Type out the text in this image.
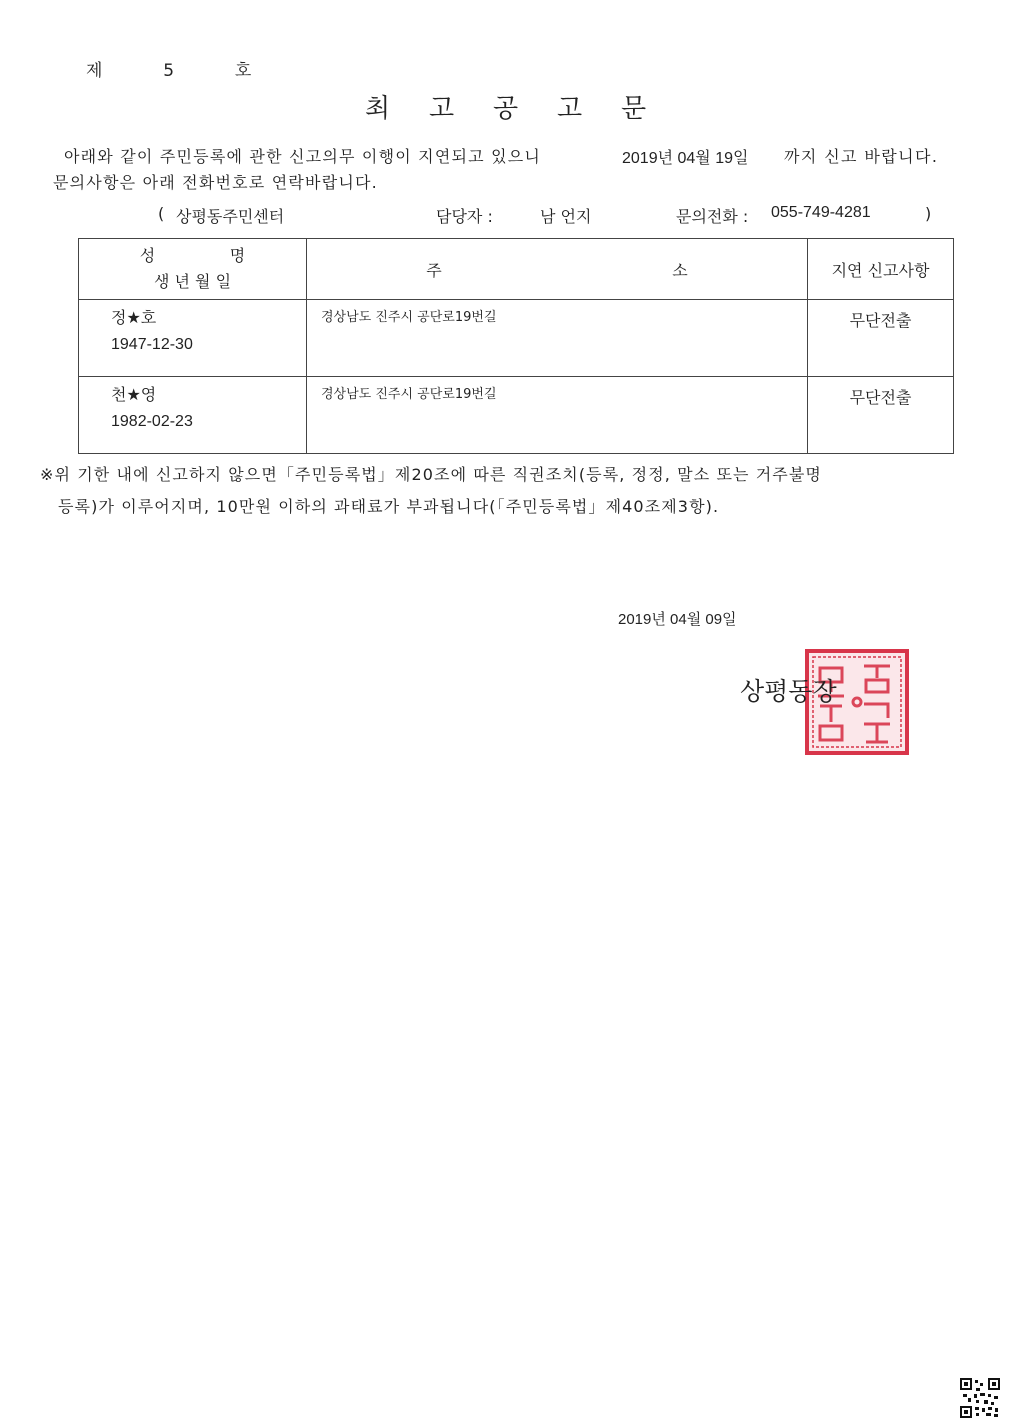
제	5	호
최 고 공 고 문
아래와 같이 주민등록에 관한 신고의무 이행이 지연되고 있으니	2019년 04월 19일 까지 신고 바랍니다.
문의사항은 아래 전화번호로 연락바랍니다.
( 상평동주민센터	담당자 :	남 언지	문의전화 : 055-749-4281	)
성 명
생 년 월 일	주 소	지연 신고사항

정★호
1947-12-30	경상남도 진주시 공단로19번길	무단전출

천★영
1982-02-23	경상남도 진주시 공단로19번길	무단전출
※위 기한 내에 신고하지 않으면「주민등록법」제20조에 따른 직권조치(등록, 정정, 말소 또는 거주불명
등록)가 이루어지며, 10만원 이하의 과태료가 부과됩니다(「주민등록법」제40조제3항).
2019년 04월 09일
상평동장
